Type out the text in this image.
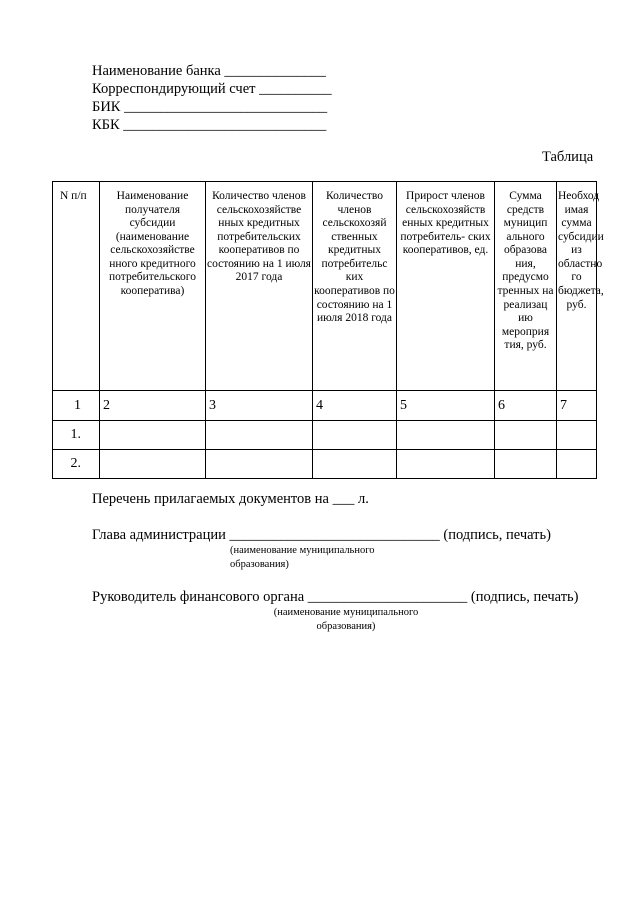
Наименование банка ______________
Корреспондирующий счет __________
БИК ____________________________
КБК ____________________________
Таблица
N п/п	Наименование получателя субсидии (наименование сельскохозяйстве нного кредитного потребительского кооператива)	Количество членов сельскохозяйстве нных кредитных потребительских кооперативов по состоянию на 1 июля 2017 года	Количество членов сельскохозяй ственных кредитных потребительс ких кооперативов по состоянию на 1 июля 2018 года	Прирост членов сельскохозяйств енных кредитных потребитель- ских кооперативов, ед.	Сумма средств муницип ального образова ния, предусмо тренных на реализац ию мероприя тия, руб.	Необход имая сумма субсидии из областно го бюджета, руб.
1	2	3	4	5	6	7
1.						
2.						
Перечень прилагаемых документов на ___ л.
Глава администрации _____________________________ (подпись, печать)
(наименование муниципального
образования)
Руководитель финансового органа ______________________ (подпись, печать)
(наименование муниципального
образования)
